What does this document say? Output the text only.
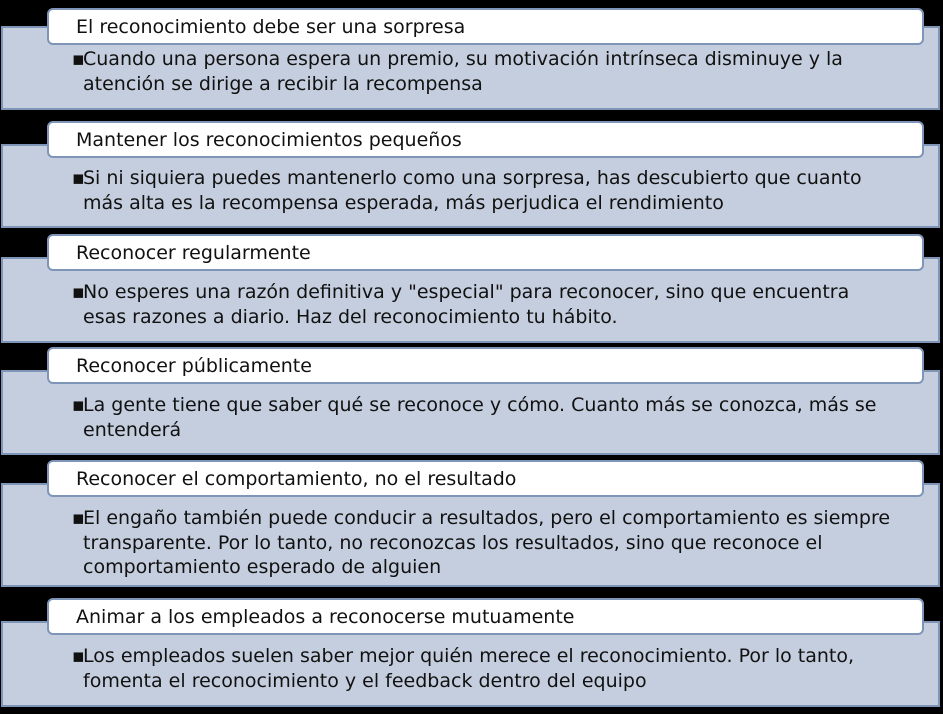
El reconocimiento debe ser una sorpresa
▪
Cuando una persona espera un premio, su motivación intrínseca disminuye y la atención se dirige a recibir la recompensa
Mantener los reconocimientos pequeños
▪
Si ni siquiera puedes mantenerlo como una sorpresa, has descubierto que cuanto más alta es la recompensa esperada, más perjudica el rendimiento
Reconocer regularmente
▪
No esperes una razón definitiva y "especial" para reconocer, sino que encuentra esas razones a diario. Haz del reconocimiento tu hábito.
Reconocer públicamente
▪
La gente tiene que saber qué se reconoce y cómo. Cuanto más se conozca, más se entenderá
Reconocer el comportamiento, no el resultado
▪
El engaño también puede conducir a resultados, pero el comportamiento es siempre transparente. Por lo tanto, no reconozcas los resultados, sino que reconoce el comportamiento esperado de alguien
Animar a los empleados a reconocerse mutuamente
▪
Los empleados suelen saber mejor quién merece el reconocimiento. Por lo tanto, fomenta el reconocimiento y el feedback dentro del equipo
